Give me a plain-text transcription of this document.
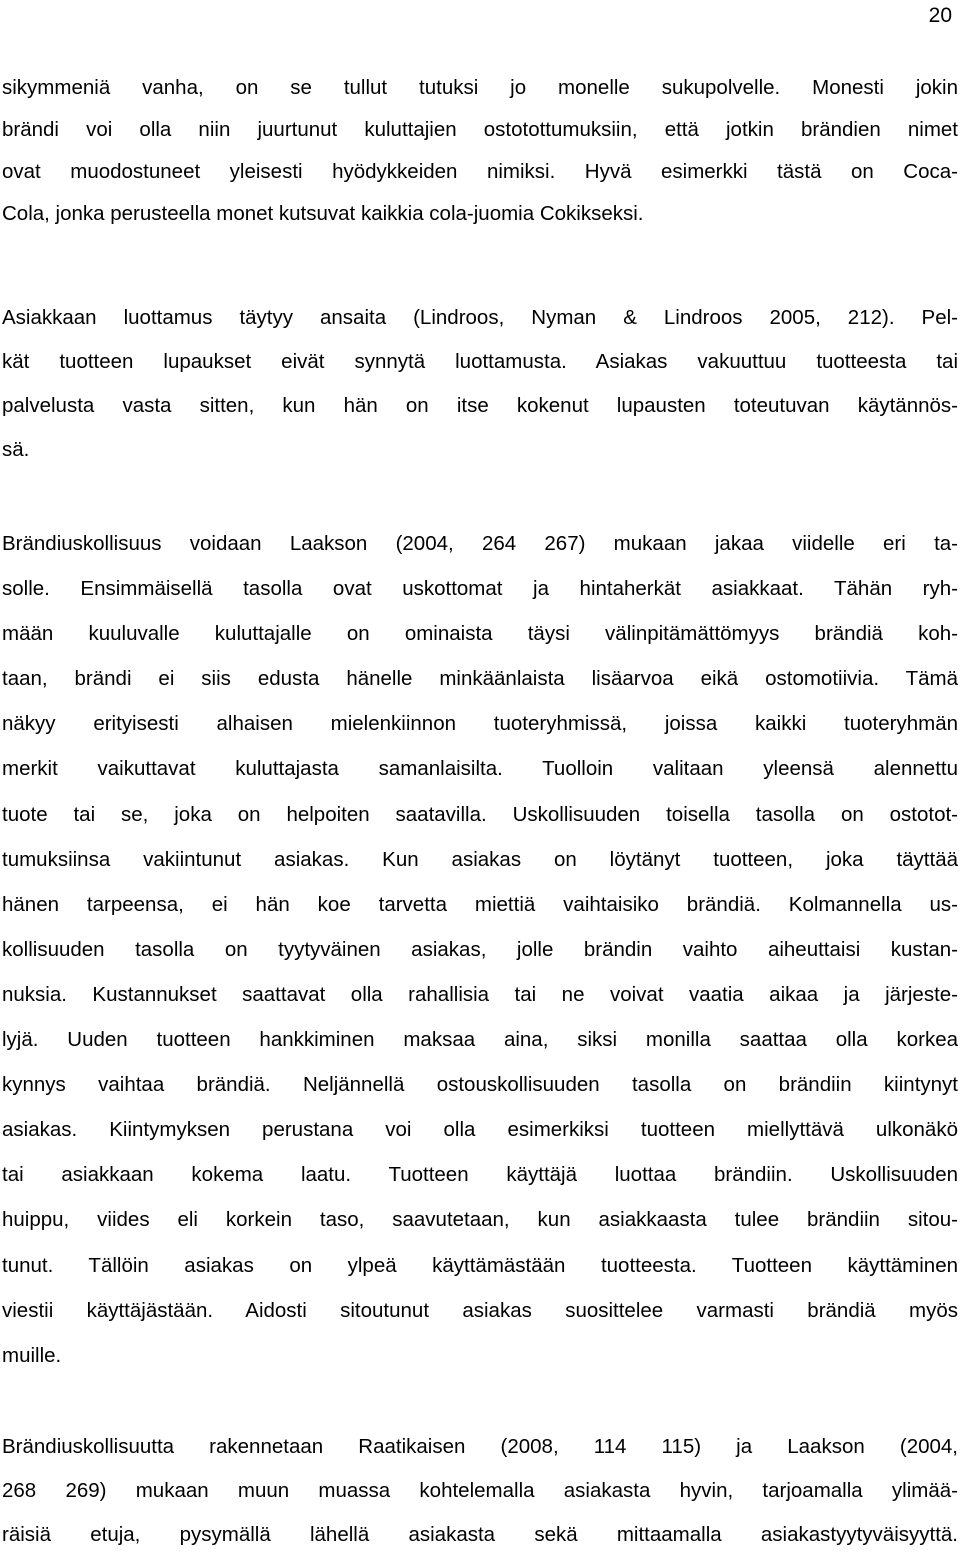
20
sikymmeniä vanha, on se tullut tutuksi jo monelle sukupolvelle. Monesti jokin
brändi voi olla niin juurtunut kuluttajien ostotottumuksiin, että jotkin brändien nimet
ovat muodostuneet yleisesti hyödykkeiden nimiksi. Hyvä esimerkki tästä on Coca-
Cola, jonka perusteella monet kutsuvat kaikkia cola-juomia Cokikseksi.
Asiakkaan luottamus täytyy ansaita (Lindroos, Nyman & Lindroos 2005, 212). Pel-
kät tuotteen lupaukset eivät synnytä luottamusta. Asiakas vakuuttuu tuotteesta tai
palvelusta vasta sitten, kun hän on itse kokenut lupausten toteutuvan käytännös-
sä.
Brändiuskollisuus voidaan Laakson (2004, 264 267) mukaan jakaa viidelle eri ta-
solle. Ensimmäisellä tasolla ovat uskottomat ja hintaherkät asiakkaat. Tähän ryh-
mään kuuluvalle kuluttajalle on ominaista täysi välinpitämättömyys brändiä koh-
taan, brändi ei siis edusta hänelle minkäänlaista lisäarvoa eikä ostomotiivia. Tämä
näkyy erityisesti alhaisen mielenkiinnon tuoteryhmissä, joissa kaikki tuoteryhmän
merkit vaikuttavat kuluttajasta samanlaisilta. Tuolloin valitaan yleensä alennettu
tuote tai se, joka on helpoiten saatavilla. Uskollisuuden toisella tasolla on ostotot-
tumuksiinsa vakiintunut asiakas. Kun asiakas on löytänyt tuotteen, joka täyttää
hänen tarpeensa, ei hän koe tarvetta miettiä vaihtaisiko brändiä. Kolmannella us-
kollisuuden tasolla on tyytyväinen asiakas, jolle brändin vaihto aiheuttaisi kustan-
nuksia. Kustannukset saattavat olla rahallisia tai ne voivat vaatia aikaa ja järjeste-
lyjä. Uuden tuotteen hankkiminen maksaa aina, siksi monilla saattaa olla korkea
kynnys vaihtaa brändiä. Neljännellä ostouskollisuuden tasolla on brändiin kiintynyt
asiakas. Kiintymyksen perustana voi olla esimerkiksi tuotteen miellyttävä ulkonäkö
tai asiakkaan kokema laatu. Tuotteen käyttäjä luottaa brändiin. Uskollisuuden
huippu, viides eli korkein taso, saavutetaan, kun asiakkaasta tulee brändiin sitou-
tunut. Tällöin asiakas on ylpeä käyttämästään tuotteesta. Tuotteen käyttäminen
viestii käyttäjästään. Aidosti sitoutunut asiakas suosittelee varmasti brändiä myös
muille.
Brändiuskollisuutta rakennetaan Raatikaisen (2008, 114 115) ja Laakson (2004,
268 269) mukaan muun muassa kohtelemalla asiakasta hyvin, tarjoamalla ylimää-
räisiä etuja, pysymällä lähellä asiakasta sekä mittaamalla asiakastyytyväisyyttä.
